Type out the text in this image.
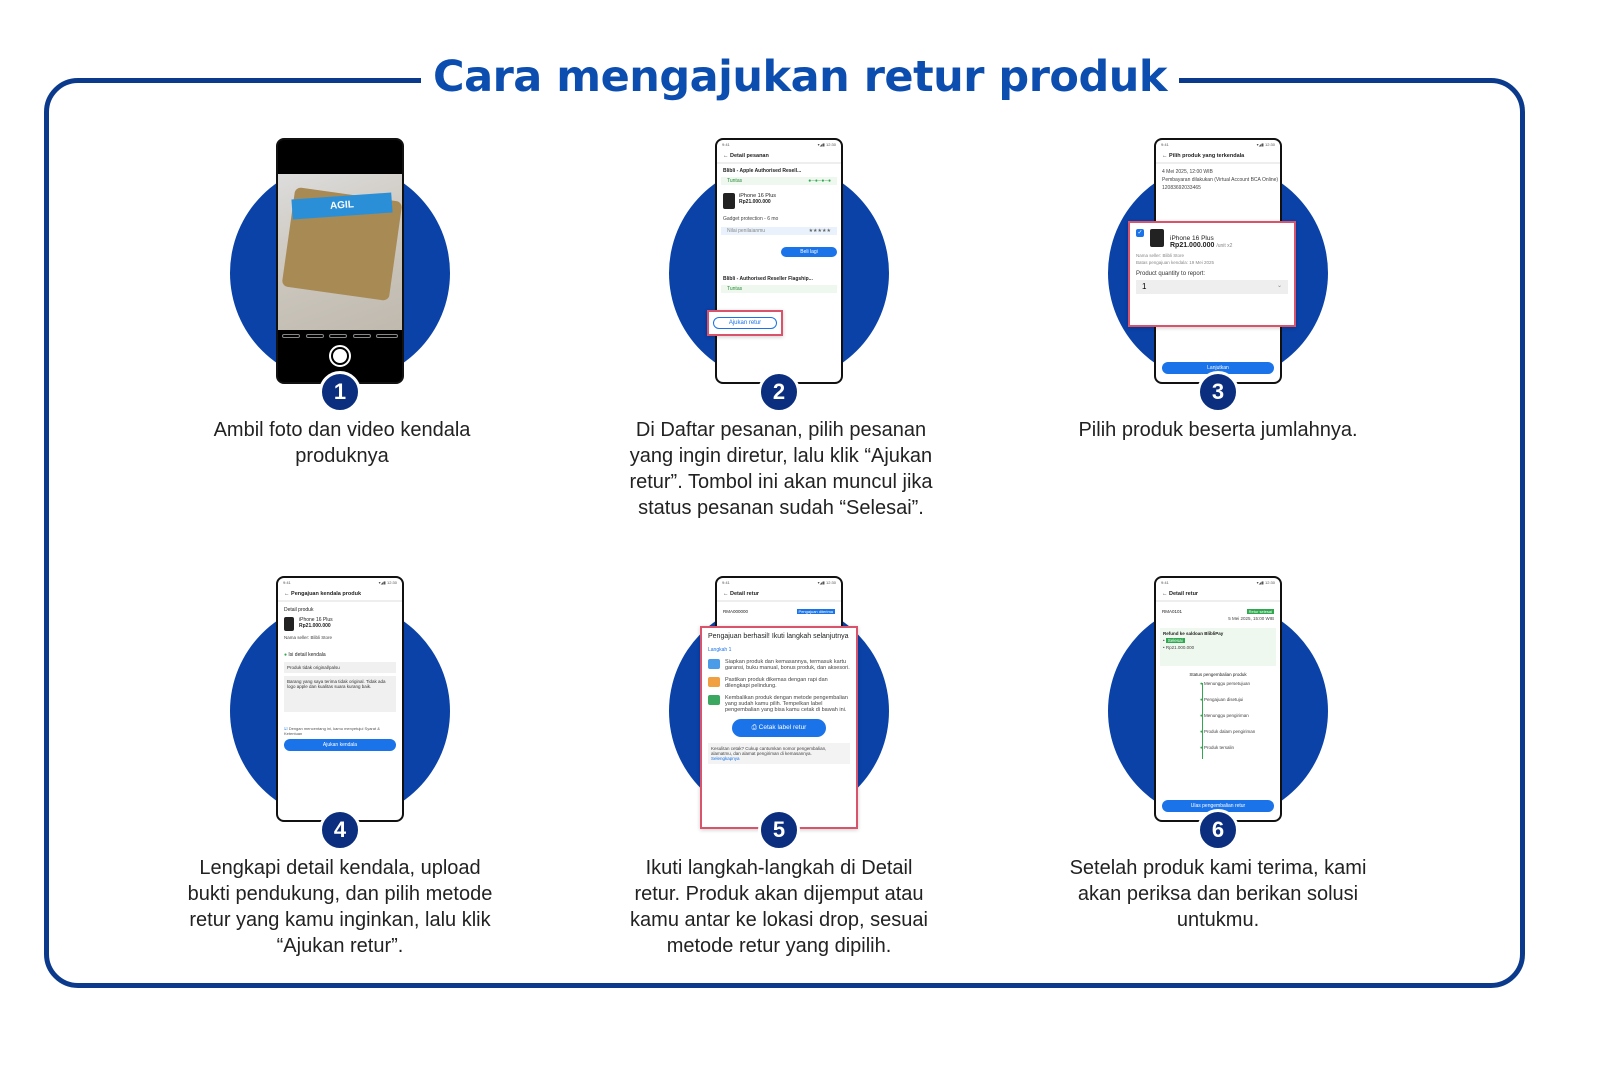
Cara mengajukan retur produk
AGIL
1
Ambil foto dan video kendala produknya
9:41	▾◢▮ 12:30
← Detail pesanan
Blibli - Apple Authorised Resell...
Tuntas	●─●─●─●
iPhone 16 Plus
Rp21.000.000
Gadget protection - 6 mo
Nilai penilaianmu	★★★★★
Beli lagi
Blibli - Authorised Reseller Flagship...
Tuntas
Ajukan retur
2
Di Daftar pesanan, pilih pesanan yang ingin diretur, lalu klik “Ajukan retur”. Tombol ini akan muncul jika status pesanan sudah “Selesai”.
9:41	▾◢▮ 12:30
← Pilih produk yang terkendala
4 Mei 2025, 12:00 WIB
Pembayaran dilakukan (Virtual Account BCA Online)
12083692033465
Lanjutkan
✓
iPhone 16 Plus
Rp21.000.000 /unit x2
Nama seller: Blibli Store
Batas pengajuan kendala: 19 Mei 2025
Product quantity to report:
1	⌄
3
Pilih produk beserta jumlahnya.
9:41	▾◢▮ 12:30
← Pengajuan kendala produk
Detail produk
iPhone 16 Plus
Rp21.000.000
Nama seller: Blibli Store
● Isi detail kendala
Produk tidak original/palsu
Barang yang saya terima tidak original. Tidak ada logo apple dan kualitas suara kurang baik.
☑ Dengan mencentang ini, kamu menyetujui Syarat & Ketentuan
Ajukan kendala
4
Lengkapi detail kendala, upload bukti pendukung, dan pilih metode retur yang kamu inginkan, lalu klik “Ajukan retur”.
9:41	▾◢▮ 12:30
← Detail retur
RMA000000	Pengajuan diterima
Pengajuan berhasil! Ikuti langkah selanjutnya
Langkah 1
Siapkan produk dan kemasannya, termasuk kartu garansi, buku manual, bonus produk, dan aksesori.
Pastikan produk dikemas dengan rapi dan dilengkapi pelindung.
Kembalikan produk dengan metode pengembalian yang sudah kamu pilih. Tempelkan label pengembalian yang bisa kamu cetak di bawah ini.
⎙ Cetak label retur
Kesulitan cetak? Cukup cantumkan nomor pengembalian, alamatmu, dan alamat pengiriman di kemasannya.
Selengkapnya
5
Ikuti langkah-langkah di Detail retur. Produk akan dijemput atau kamu antar ke lokasi drop, sesuai metode retur yang dipilih.
9:41	▾◢▮ 12:30
← Detail retur
RMA0101	Retur selesai
5 Mei 2025, 15:00 WIB
Refund ke saldoan BlibliPay
• Selesai
• Rp21.000.000
Status pengembalian produk
● Menunggu persetujuan
● Pengajuan disetujui
● Menunggu pengiriman
● Produk dalam pengiriman
● Produk tersalin
Ulas pengembalian retur
6
Setelah produk kami terima, kami akan periksa dan berikan solusi untukmu.
